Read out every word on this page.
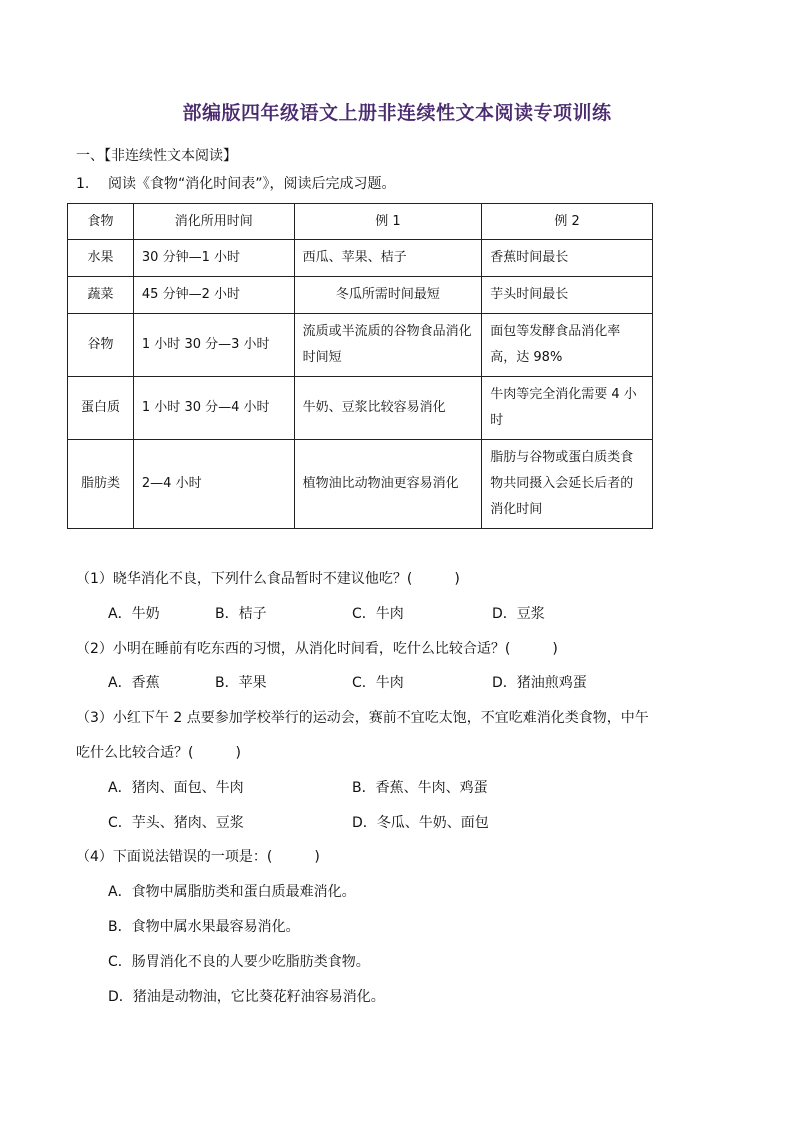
部编版四年级语文上册非连续性文本阅读专项训练
一、【非连续性文本阅读】
1. 阅读《食物“消化时间表”》，阅读后完成习题。
食物	消化所用时间	例 1	例 2
水果	30 分钟—1 小时	西瓜、苹果、桔子	香蕉时间最长
蔬菜	45 分钟—2 小时	冬瓜所需时间最短	芋头时间最长
谷物	1 小时 30 分—3 小时	流质或半流质的谷物食品消化时间短	面包等发酵食品消化率高，达 98%
蛋白质	1 小时 30 分—4 小时	牛奶、豆浆比较容易消化	牛肉等完全消化需要 4 小时
脂肪类	2—4 小时	植物油比动物油更容易消化	脂肪与谷物或蛋白质类食物共同摄入会延长后者的消化时间
（1）晓华消化不良，下列什么食品暂时不建议他吃？(　　　)
A．牛奶	B．桔子	C．牛肉	D．豆浆
（2）小明在睡前有吃东西的习惯，从消化时间看，吃什么比较合适？(　　　)
A．香蕉	B．苹果	C．牛肉	D．猪油煎鸡蛋
（3）小红下午 2 点要参加学校举行的运动会，赛前不宜吃太饱，不宜吃难消化类食物，中午
吃什么比较合适？(　　　)
A．猪肉、面包、牛肉	B．香蕉、牛肉、鸡蛋
C．芋头、猪肉、豆浆	D．冬瓜、牛奶、面包
（4）下面说法错误的一项是：(　　　)
A．食物中属脂肪类和蛋白质最难消化。
B．食物中属水果最容易消化。
C．肠胃消化不良的人要少吃脂肪类食物。
D．猪油是动物油，它比葵花籽油容易消化。
